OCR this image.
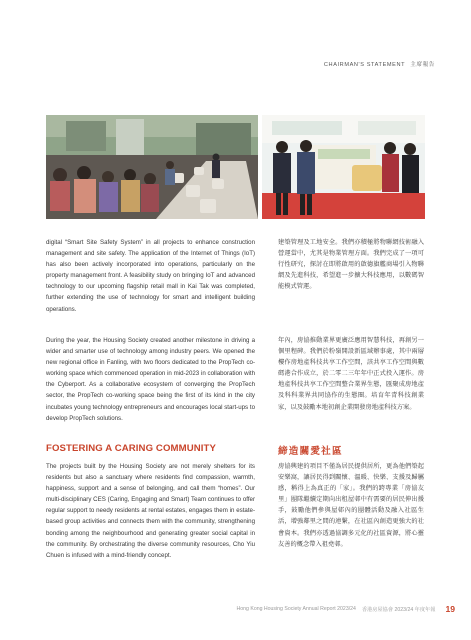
CHAIRMAN'S STATEMENT 主席報告

digital “Smart Site Safety System” in all projects to enhance construction management and site safety. The application of the Internet of Things (IoT) has also been actively incorporated into operations, particularly on the property management front. A feasibility study on bringing IoT and advanced technology to our upcoming flagship retail mall in Kai Tak was completed, further extending the use of technology for smart and intelligent building operations.

During the year, the Housing Society created another milestone in driving a wider and smarter use of technology among industry peers. We opened the new regional office in Fanling, with two floors dedicated to the PropTech co-working space which commenced operation in mid-2023 in collaboration with the Cyberport. As a collaborative ecosystem of converging the PropTech sector, the PropTech co-working space being the first of its kind in the city incubates young technology entrepreneurs and encourages local start-ups to develop PropTech solutions.

建築管理及工地安全。我們亦積極將物聯網技術融入營運當中，尤其是物業管理方面。我們完成了一項可行性研究，探討在即將啟用的啟德旗艦商場引入物聯網及先進科技，希望進一步擴大科技應用，以數碼智能模式管運。

年內，房協推動業界更廣泛應用智慧科技，再創另一個里程碑。我們於粉嶺開設新區域辦事處，其中兩層樓作房地產科技共享工作空間，該共享工作空間與數碼港合作成立，於二零二三年年中正式投入運作。房地產科技共享工作空間整合業界生態，匯聚成房地產及科科業界共同協作的生態圈。培育年青科技創業家，以及鼓勵本地初創企業開發房地產科技方案。

FOSTERING A CARING COMMUNITY	締造關愛社區

The projects built by the Housing Society are not merely shelters for its residents but also a sanctuary where residents find compassion, warmth, happiness, support and a sense of belonging, and call them “homes”. Our multi-disciplinary CES (Caring, Engaging and Smart) Team continues to offer regular support to needy residents at rental estates, engages them in estate-based group activities and connects them with the community, strengthening bonding among the neighbourhood and generating greater social capital in the community. By orchestrating the diverse community resources, Cho Yiu Chuen is infused with a mind-friendly concept.

房協興建的項目不僅為居民提供居所，更為他們築起安樂窩，讓居民得到關懷、溫暖、快樂、支援及歸屬感，稱得上為真正的「家」。我們的跨專業「房協友里」團隊繼續定期向出租屋邨中有需要的居民伸出援手，鼓勵他們參與屋邨內的團體活動及融入社區生活，增強鄰里之間的連繫，在社區內創造更強大的社會資本。我們亦透過協調多元化的社區資源，將心靈友善的概念帶入祖堯邨。

Hong Kong Housing Society Annual Report 2023/24 香港房屋協會 2023/24 年度年報 19
